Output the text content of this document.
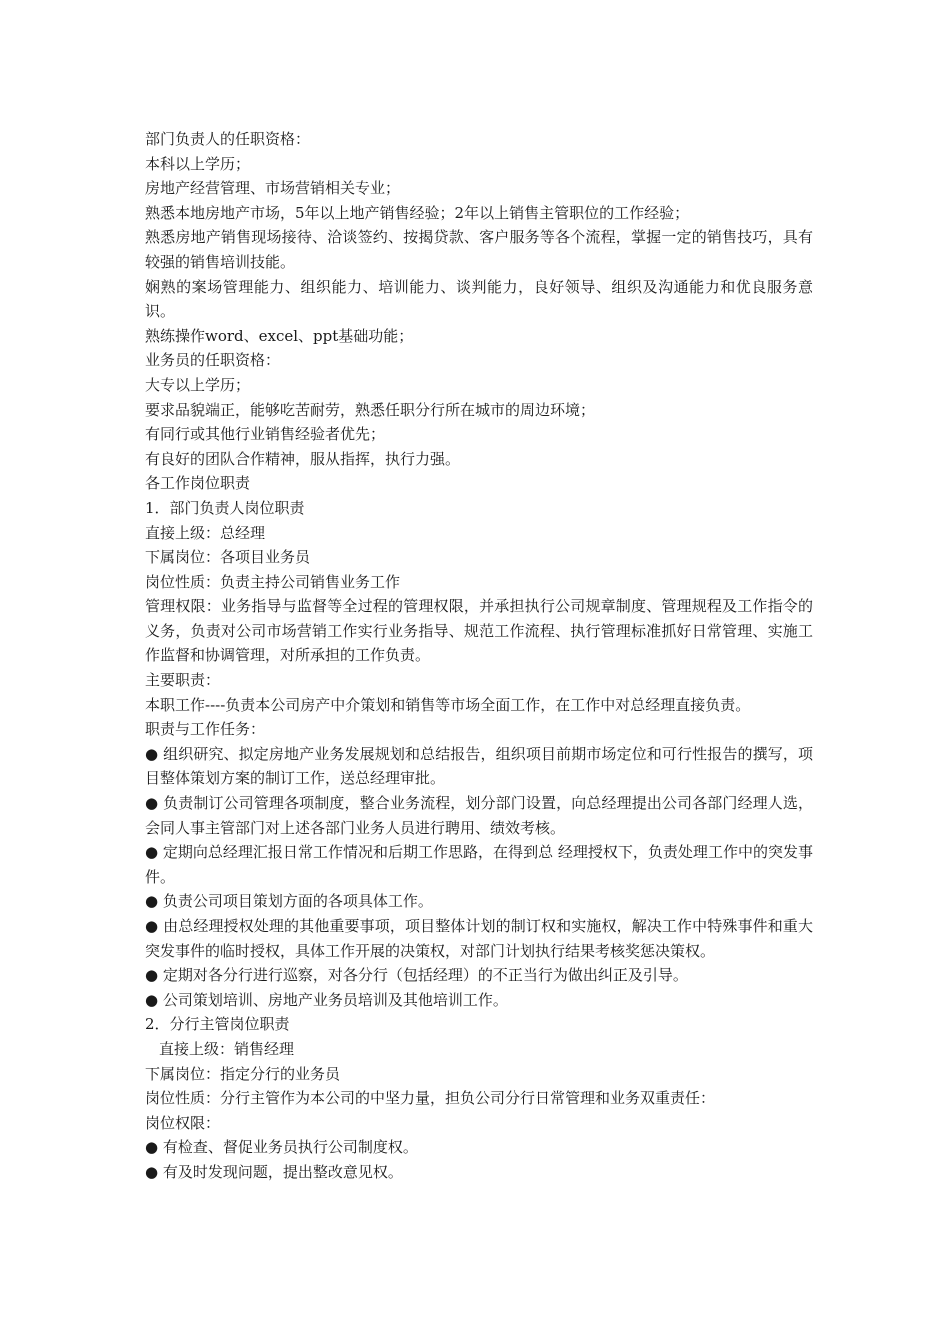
部门负责人的任职资格：

本科以上学历；

房地产经营管理、市场营销相关专业；

熟悉本地房地产市场，5年以上地产销售经验；2年以上销售主管职位的工作经验；

熟悉房地产销售现场接待、洽谈签约、按揭贷款、客户服务等各个流程，掌握一定的销售技巧，具有较强的销售培训技能。

娴熟的案场管理能力、组织能力、培训能力、谈判能力，良好领导、组织及沟通能力和优良服务意识。

熟练操作word、excel、ppt基础功能；

业务员的任职资格：

大专以上学历；

要求品貌端正，能够吃苦耐劳，熟悉任职分行所在城市的周边环境；

有同行或其他行业销售经验者优先；

有良好的团队合作精神，服从指挥，执行力强。

各工作岗位职责

1．部门负责人岗位职责

直接上级：总经理

下属岗位：各项目业务员

岗位性质：负责主持公司销售业务工作

管理权限：业务指导与监督等全过程的管理权限，并承担执行公司规章制度、管理规程及工作指令的义务，负责对公司市场营销工作实行业务指导、规范工作流程、执行管理标准抓好日常管理、实施工作监督和协调管理，对所承担的工作负责。

主要职责：

本职工作----负责本公司房产中介策划和销售等市场全面工作，在工作中对总经理直接负责。

职责与工作任务：

● 组织研究、拟定房地产业务发展规划和总结报告，组织项目前期市场定位和可行性报告的撰写，项目整体策划方案的制订工作，送总经理审批。

● 负责制订公司管理各项制度，整合业务流程，划分部门设置，向总经理提出公司各部门经理人选，会同人事主管部门对上述各部门业务人员进行聘用、绩效考核。

● 定期向总经理汇报日常工作情况和后期工作思路，在得到总 经理授权下，负责处理工作中的突发事件。

● 负责公司项目策划方面的各项具体工作。

● 由总经理授权处理的其他重要事项，项目整体计划的制订权和实施权，解决工作中特殊事件和重大突发事件的临时授权，具体工作开展的决策权，对部门计划执行结果考核奖惩决策权。

● 定期对各分行进行巡察，对各分行（包括经理）的不正当行为做出纠正及引导。

● 公司策划培训、房地产业务员培训及其他培训工作。

2．分行主管岗位职责

直接上级：销售经理

下属岗位：指定分行的业务员

岗位性质：分行主管作为本公司的中坚力量，担负公司分行日常管理和业务双重责任：

岗位权限：

● 有检查、督促业务员执行公司制度权。

● 有及时发现问题，提出整改意见权。
